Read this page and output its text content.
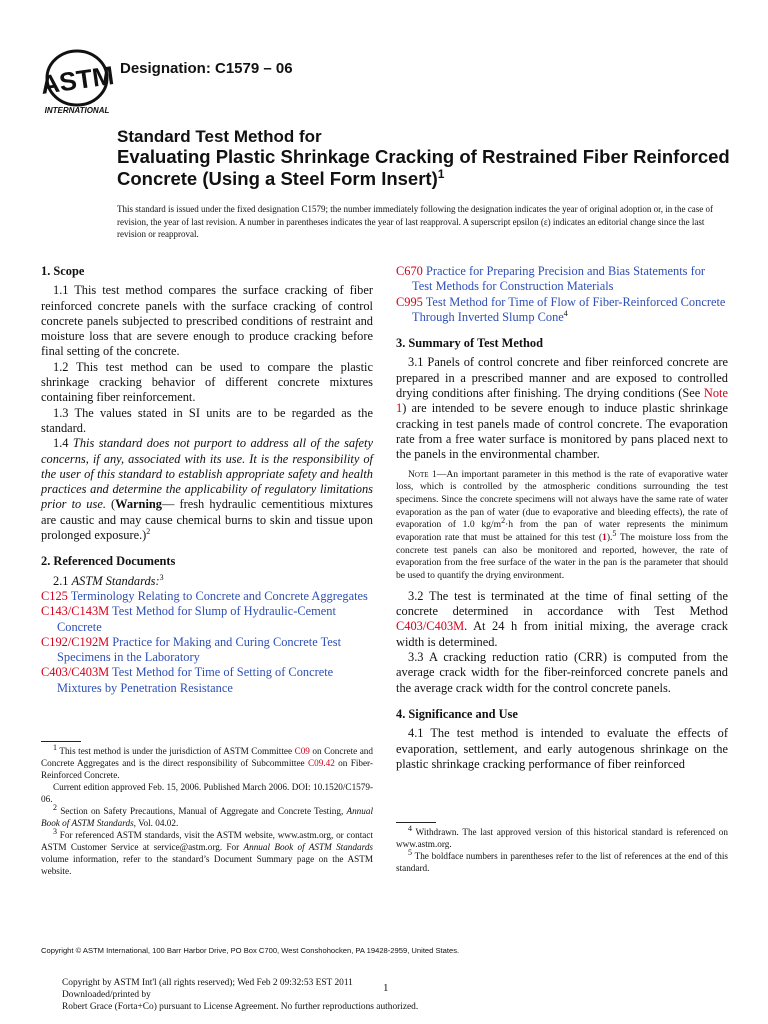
ASTM
INTERNATIONAL
Designation: C1579 – 06
Standard Test Method for
Evaluating Plastic Shrinkage Cracking of Restrained Fiber Reinforced Concrete (Using a Steel Form Insert)$^1$
This standard is issued under the fixed designation C1579; the number immediately following the designation indicates the year of original adoption or, in the case of revision, the year of last revision. A number in parentheses indicates the year of last reapproval. A superscript epsilon (ε) indicates an editorial change since the last revision or reapproval.
1. Scope

1.1 This test method compares the surface cracking of fiber reinforced concrete panels with the surface cracking of control concrete panels subjected to prescribed conditions of restraint and moisture loss that are severe enough to produce cracking before final setting of the concrete.

1.2 This test method can be used to compare the plastic shrinkage cracking behavior of different concrete mixtures containing fiber reinforcement.

1.3 The values stated in SI units are to be regarded as the standard.

1.4 This standard does not purport to address all of the safety concerns, if any, associated with its use. It is the responsibility of the user of this standard to establish appropriate safety and health practices and determine the applicability of regulatory limitations prior to use. (Warning— fresh hydraulic cementitious mixtures are caustic and may cause chemical burns to skin and tissue upon prolonged exposure.)$^2$

2. Referenced Documents

2.1 ASTM Standards:$^3$

C125 Terminology Relating to Concrete and Concrete Aggregates

C143/C143M Test Method for Slump of Hydraulic-Cement Concrete

C192/C192M Practice for Making and Curing Concrete Test Specimens in the Laboratory

C403/C403M Test Method for Time of Setting of Concrete Mixtures by Penetration Resistance

$^1$ This test method is under the jurisdiction of ASTM Committee C09 on Concrete and Concrete Aggregates and is the direct responsibility of Subcommittee C09.42 on Fiber-Reinforced Concrete.

Current edition approved Feb. 15, 2006. Published March 2006. DOI: 10.1520/C1579-06.

$^2$ Section on Safety Precautions, Manual of Aggregate and Concrete Testing, Annual Book of ASTM Standards, Vol. 04.02.

$^3$ For referenced ASTM standards, visit the ASTM website, www.astm.org, or contact ASTM Customer Service at service@astm.org. For Annual Book of ASTM Standards volume information, refer to the standard’s Document Summary page on the ASTM website.

C670 Practice for Preparing Precision and Bias Statements for Test Methods for Construction Materials

C995 Test Method for Time of Flow of Fiber-Reinforced Concrete Through Inverted Slump Cone$^4$

3. Summary of Test Method

3.1 Panels of control concrete and fiber reinforced concrete are prepared in a prescribed manner and are exposed to controlled drying conditions after finishing. The drying conditions (See Note 1) are intended to be severe enough to induce plastic shrinkage cracking in test panels made of control concrete. The evaporation rate from a free water surface is monitored by pans placed next to the panels in the environmental chamber.

Note 1—An important parameter in this method is the rate of evaporative water loss, which is controlled by the atmospheric conditions surrounding the test specimens. Since the concrete specimens will not always have the same rate of water evaporation as the pan of water (due to evaporative and bleeding effects), the rate of evaporation of 1.0 $kg/m^2\cdot h$ from the pan of water represents the minimum evaporation rate that must be attained for this test (1).$^5$ The moisture loss from the concrete test panels can also be monitored and reported, however, the rate of evaporation from the free surface of the water in the pan is the parameter that should be used to quantify the drying environment.

3.2 The test is terminated at the time of final setting of the concrete determined in accordance with Test Method C403/C403M. At 24 h from initial mixing, the average crack width is determined.

3.3 A cracking reduction ratio (CRR) is computed from the average crack width for the fiber-reinforced concrete panels and the average crack width for the control concrete panels.

4. Significance and Use

4.1 The test method is intended to evaluate the effects of evaporation, settlement, and early autogenous shrinkage on the plastic shrinkage cracking performance of fiber reinforced

$^4$ Withdrawn. The last approved version of this historical standard is referenced on www.astm.org.

$^5$ The boldface numbers in parentheses refer to the list of references at the end of this standard.

Copyright © ASTM International, 100 Barr Harbor Drive, PO Box C700, West Conshohocken, PA 19428-2959, United States.
Copyright by ASTM Int'l (all rights reserved); Wed Feb 2 09:32:53 EST 2011
Downloaded/printed by
Robert Grace (Forta+Co) pursuant to License Agreement. No further reproductions authorized.
1
